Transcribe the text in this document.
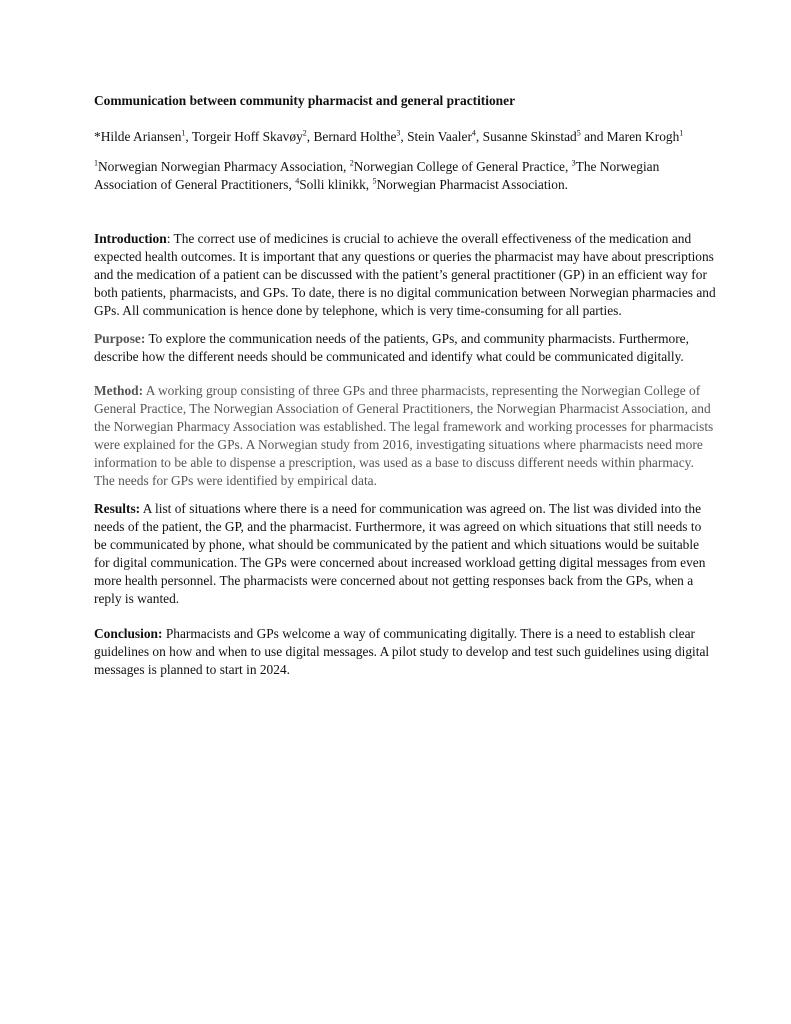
Communication between community pharmacist and general practitioner

*Hilde Ariansen$^1$, Torgeir Hoff Skavøy$^2$, Bernard Holthe$^3$, Stein Vaaler$^4$, Susanne Skinstad$^5$ and Maren Krogh$^1$

$^1$Norwegian Norwegian Pharmacy Association, $^2$Norwegian College of General Practice, $^3$The Norwegian Association of General Practitioners, $^4$Solli klinikk, $^5$Norwegian Pharmacist Association.

Introduction: The correct use of medicines is crucial to achieve the overall effectiveness of the medication and expected health outcomes. It is important that any questions or queries the pharmacist may have about prescriptions and the medication of a patient can be discussed with the patient’s general practitioner (GP) in an efficient way for both patients, pharmacists, and GPs. To date, there is no digital communication between Norwegian pharmacies and GPs. All communication is hence done by telephone, which is very time-consuming for all parties.

Purpose: To explore the communication needs of the patients, GPs, and community pharmacists. Furthermore, describe how the different needs should be communicated and identify what could be communicated digitally.

Method: A working group consisting of three GPs and three pharmacists, representing the Norwegian College of General Practice, The Norwegian Association of General Practitioners, the Norwegian Pharmacist Association, and the Norwegian Pharmacy Association was established. The legal framework and working processes for pharmacists were explained for the GPs. A Norwegian study from 2016, investigating situations where pharmacists need more information to be able to dispense a prescription, was used as a base to discuss different needs within pharmacy. The needs for GPs were identified by empirical data.

Results: A list of situations where there is a need for communication was agreed on. The list was divided into the needs of the patient, the GP, and the pharmacist. Furthermore, it was agreed on which situations that still needs to be communicated by phone, what should be communicated by the patient and which situations would be suitable for digital communication. The GPs were concerned about increased workload getting digital messages from even more health personnel. The pharmacists were concerned about not getting responses back from the GPs, when a reply is wanted.

Conclusion: Pharmacists and GPs welcome a way of communicating digitally. There is a need to establish clear guidelines on how and when to use digital messages. A pilot study to develop and test such guidelines using digital messages is planned to start in 2024.
